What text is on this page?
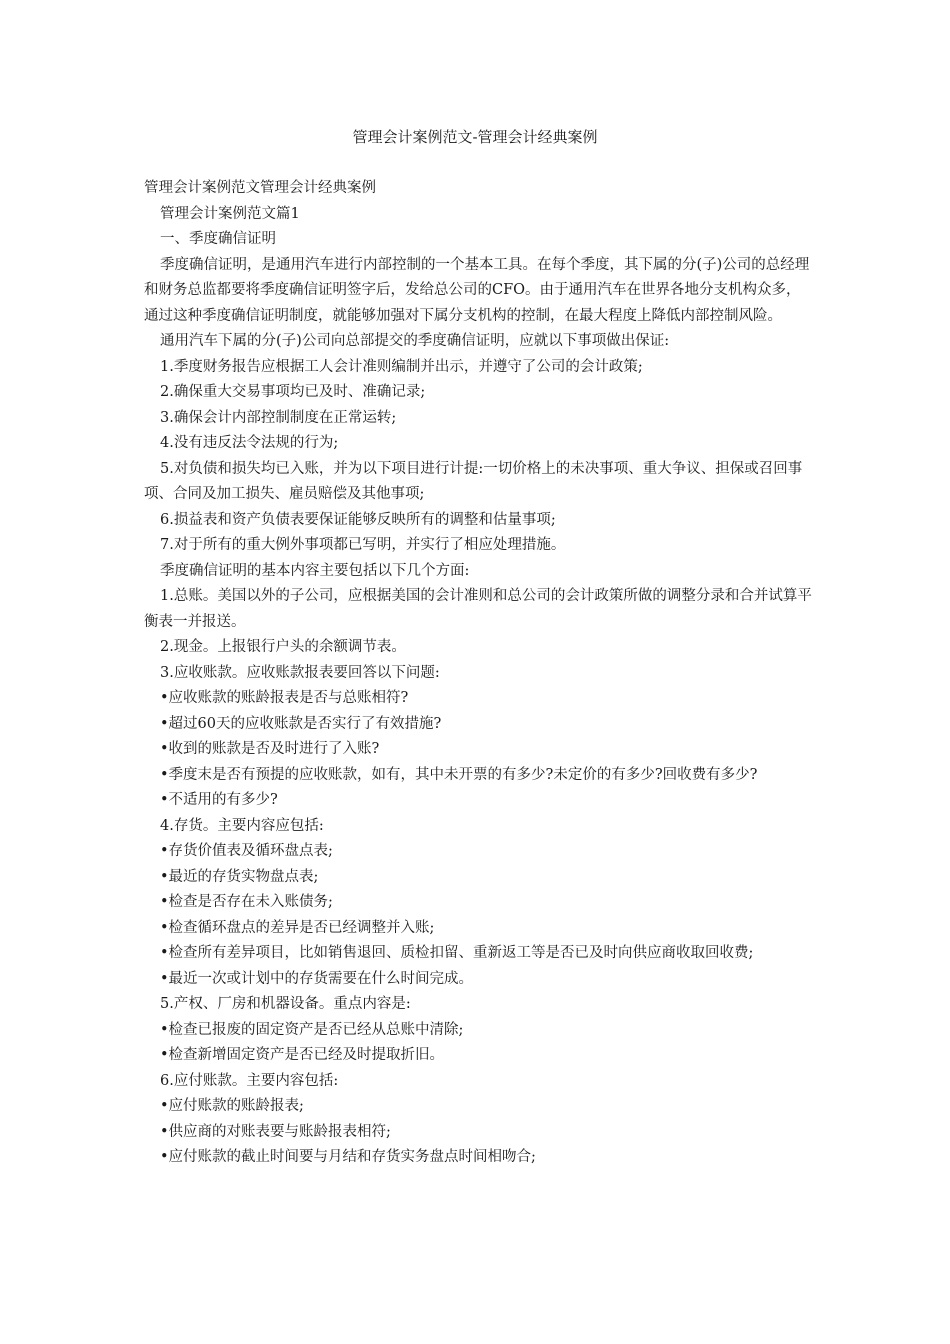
管理会计案例范文-管理会计经典案例

管理会计案例范文管理会计经典案例

管理会计案例范文篇1

一、季度确信证明

季度确信证明，是通用汽车进行内部控制的一个基本工具。在每个季度，其下属的分(子)公司的总经理和财务总监都要将季度确信证明签字后，发给总公司的CFO。由于通用汽车在世界各地分支机构众多，通过这种季度确信证明制度，就能够加强对下属分支机构的控制，在最大程度上降低内部控制风险。

通用汽车下属的分(子)公司向总部提交的季度确信证明，应就以下事项做出保证:

1.季度财务报告应根据工人会计准则编制并出示，并遵守了公司的会计政策;

2.确保重大交易事项均已及时、准确记录;

3.确保会计内部控制制度在正常运转;

4.没有违反法令法规的行为;

5.对负债和损失均已入账，并为以下项目进行计提:一切价格上的未决事项、重大争议、担保或召回事项、合同及加工损失、雇员赔偿及其他事项;

6.损益表和资产负债表要保证能够反映所有的调整和估量事项;

7.对于所有的重大例外事项都已写明，并实行了相应处理措施。

季度确信证明的基本内容主要包括以下几个方面:

1.总账。美国以外的子公司，应根据美国的会计准则和总公司的会计政策所做的调整分录和合并试算平衡表一并报送。

2.现金。上报银行户头的余额调节表。

3.应收账款。应收账款报表要回答以下问题:

•应收账款的账龄报表是否与总账相符?

•超过60天的应收账款是否实行了有效措施?

•收到的账款是否及时进行了入账?

•季度末是否有预提的应收账款，如有，其中未开票的有多少?未定价的有多少?回收费有多少?

•不适用的有多少?

4.存货。主要内容应包括:

•存货价值表及循环盘点表;

•最近的存货实物盘点表;

•检查是否存在未入账债务;

•检查循环盘点的差异是否已经调整并入账;

•检查所有差异项目，比如销售退回、质检扣留、重新返工等是否已及时向供应商收取回收费;

•最近一次或计划中的存货需要在什么时间完成。

5.产权、厂房和机器设备。重点内容是:

•检查已报废的固定资产是否已经从总账中清除;

•检查新增固定资产是否已经及时提取折旧。

6.应付账款。主要内容包括:

•应付账款的账龄报表;

•供应商的对账表要与账龄报表相符;

•应付账款的截止时间要与月结和存货实务盘点时间相吻合;
